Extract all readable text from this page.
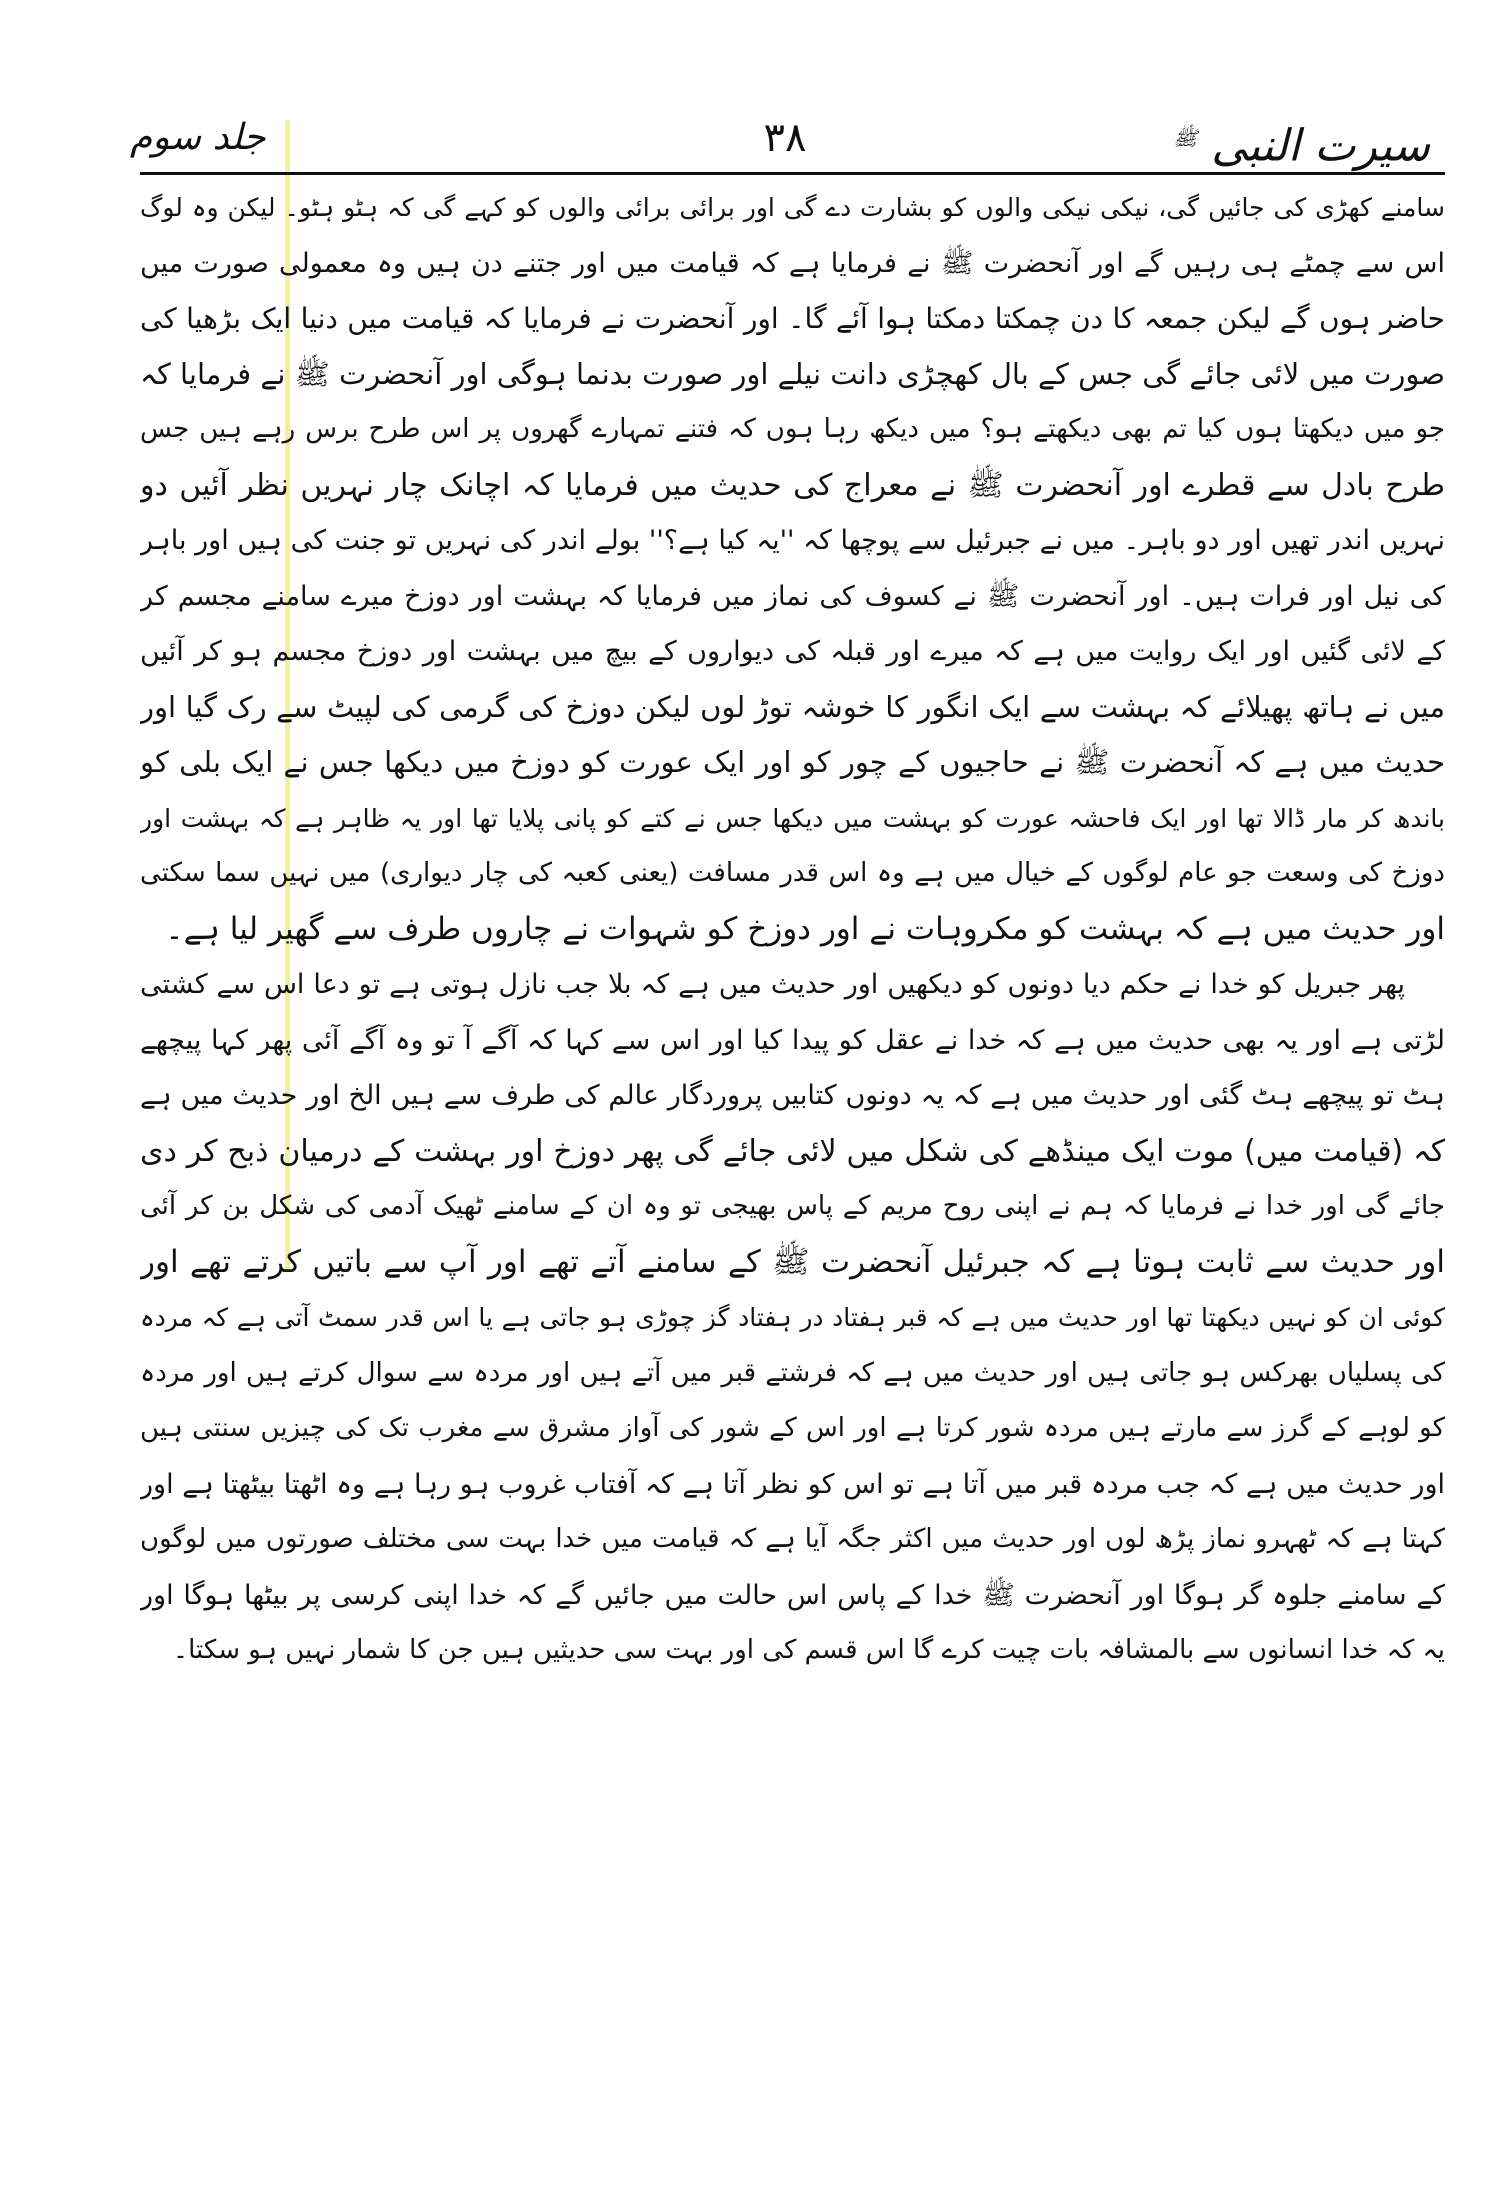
سیرت النبی $^ﷺ$
۳۸
جلد سوم
سامنے کھڑی کی جائیں گی، نیکی نیکی والوں کو بشارت دے گی اور برائی برائی والوں کو کہے گی کہ ہٹو ہٹو۔ لیکن وہ لوگ
اس سے چمٹے ہی رہیں گے اور آنحضرت ﷺ نے فرمایا ہے کہ قیامت میں اور جتنے دن ہیں وہ معمولی صورت میں
حاضر ہوں گے لیکن جمعہ کا دن چمکتا دمکتا ہوا آئے گا۔ اور آنحضرت نے فرمایا کہ قیامت میں دنیا ایک بڑھیا کی
صورت میں لائی جائے گی جس کے بال کھچڑی دانت نیلے اور صورت بدنما ہوگی اور آنحضرت ﷺ نے فرمایا کہ
جو میں دیکھتا ہوں کیا تم بھی دیکھتے ہو؟ میں دیکھ رہا ہوں کہ فتنے تمہارے گھروں پر اس طرح برس رہے ہیں جس
طرح بادل سے قطرے اور آنحضرت ﷺ نے معراج کی حدیث میں فرمایا کہ اچانک چار نہریں نظر آئیں دو
نہریں اندر تھیں اور دو باہر۔ میں نے جبرئیل سے پوچھا کہ ''یہ کیا ہے؟'' بولے اندر کی نہریں تو جنت کی ہیں اور باہر
کی نیل اور فرات ہیں۔ اور آنحضرت ﷺ نے کسوف کی نماز میں فرمایا کہ بہشت اور دوزخ میرے سامنے مجسم کر
کے لائی گئیں اور ایک روایت میں ہے کہ میرے اور قبلہ کی دیواروں کے بیچ میں بہشت اور دوزخ مجسم ہو کر آئیں
میں نے ہاتھ پھیلائے کہ بہشت سے ایک انگور کا خوشہ توڑ لوں لیکن دوزخ کی گرمی کی لپیٹ سے رک گیا اور
حدیث میں ہے کہ آنحضرت ﷺ نے حاجیوں کے چور کو اور ایک عورت کو دوزخ میں دیکھا جس نے ایک بلی کو
باندھ کر مار ڈالا تھا اور ایک فاحشہ عورت کو بہشت میں دیکھا جس نے کتے کو پانی پلایا تھا اور یہ ظاہر ہے کہ بہشت اور
دوزخ کی وسعت جو عام لوگوں کے خیال میں ہے وہ اس قدر مسافت (یعنی کعبہ کی چار دیواری) میں نہیں سما سکتی
اور حدیث میں ہے کہ بہشت کو مکروہات نے اور دوزخ کو شہوات نے چاروں طرف سے گھیر لیا ہے۔
پھر جبریل کو خدا نے حکم دیا دونوں کو دیکھیں اور حدیث میں ہے کہ بلا جب نازل ہوتی ہے تو دعا اس سے کشتی
لڑتی ہے اور یہ بھی حدیث میں ہے کہ خدا نے عقل کو پیدا کیا اور اس سے کہا کہ آگے آ تو وہ آگے آئی پھر کہا پیچھے
ہٹ تو پیچھے ہٹ گئی اور حدیث میں ہے کہ یہ دونوں کتابیں پروردگار عالم کی طرف سے ہیں الخ اور حدیث میں ہے
کہ (قیامت میں) موت ایک مینڈھے کی شکل میں لائی جائے گی پھر دوزخ اور بہشت کے درمیان ذبح کر دی
جائے گی اور خدا نے فرمایا کہ ہم نے اپنی روح مریم کے پاس بھیجی تو وہ ان کے سامنے ٹھیک آدمی کی شکل بن کر آئی
اور حدیث سے ثابت ہوتا ہے کہ جبرئیل آنحضرت ﷺ کے سامنے آتے تھے اور آپ سے باتیں کرتے تھے اور
کوئی ان کو نہیں دیکھتا تھا اور حدیث میں ہے کہ قبر ہفتاد در ہفتاد گز چوڑی ہو جاتی ہے یا اس قدر سمٹ آتی ہے کہ مردہ
کی پسلیاں بھرکس ہو جاتی ہیں اور حدیث میں ہے کہ فرشتے قبر میں آتے ہیں اور مردہ سے سوال کرتے ہیں اور مردہ
کو لوہے کے گرز سے مارتے ہیں مردہ شور کرتا ہے اور اس کے شور کی آواز مشرق سے مغرب تک کی چیزیں سنتی ہیں
اور حدیث میں ہے کہ جب مردہ قبر میں آتا ہے تو اس کو نظر آتا ہے کہ آفتاب غروب ہو رہا ہے وہ اٹھتا بیٹھتا ہے اور
کہتا ہے کہ ٹھہرو نماز پڑھ لوں اور حدیث میں اکثر جگہ آیا ہے کہ قیامت میں خدا بہت سی مختلف صورتوں میں لوگوں
کے سامنے جلوہ گر ہوگا اور آنحضرت ﷺ خدا کے پاس اس حالت میں جائیں گے کہ خدا اپنی کرسی پر بیٹھا ہوگا اور
یہ کہ خدا انسانوں سے بالمشافہ بات چیت کرے گا اس قسم کی اور بہت سی حدیثیں ہیں جن کا شمار نہیں ہو سکتا۔
